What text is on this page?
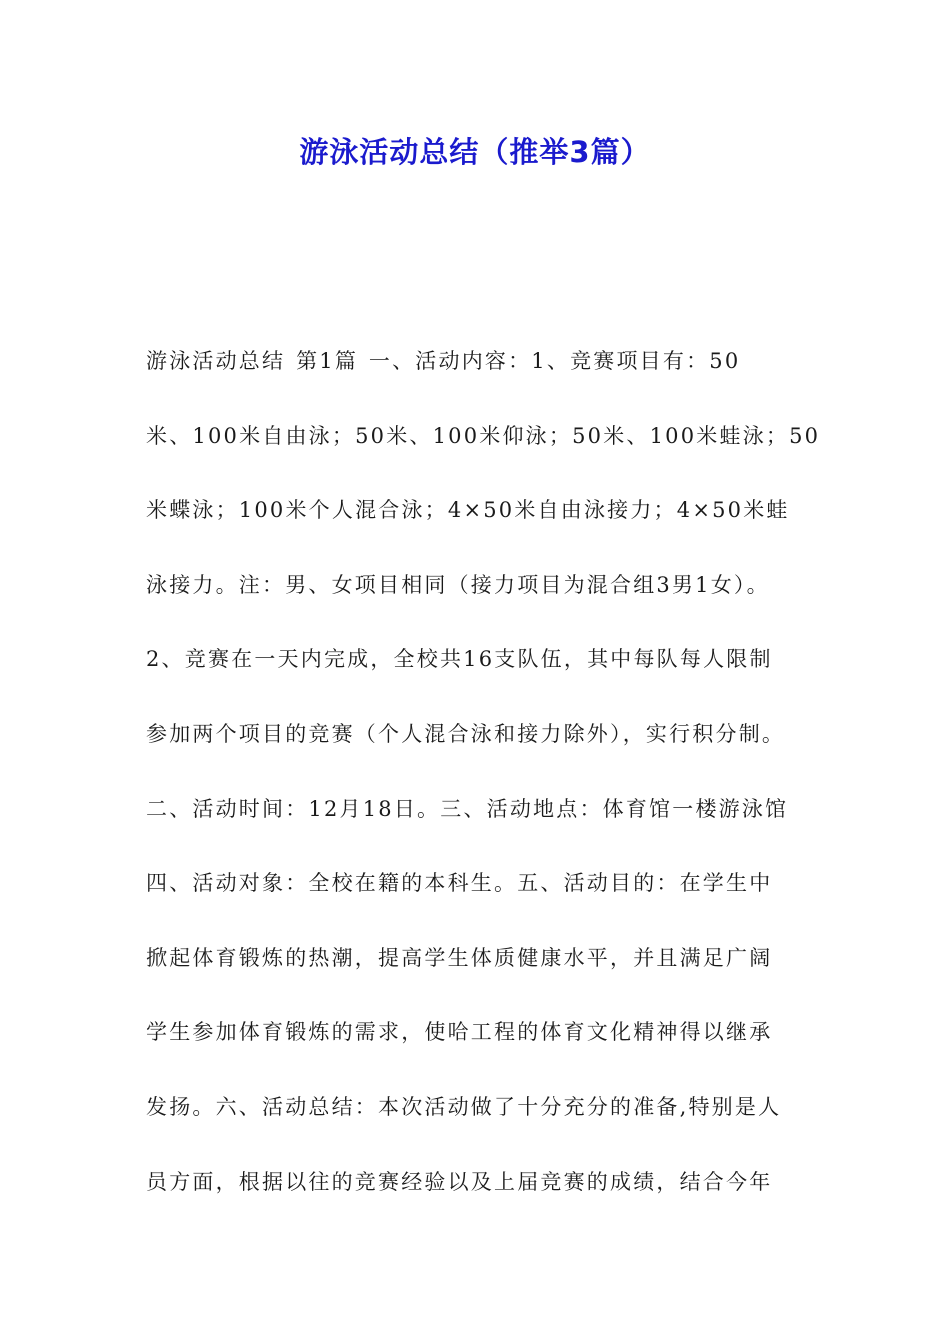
游泳活动总结（推举3篇）
游泳活动总结 第1篇 一、活动内容：1、竞赛项目有：50
米、100米自由泳；50米、100米仰泳；50米、100米蛙泳；50
米蝶泳；100米个人混合泳；4×50米自由泳接力；4×50米蛙
泳接力。注：男、女项目相同（接力项目为混合组3男1女）。
2、竞赛在一天内完成，全校共16支队伍，其中每队每人限制
参加两个项目的竞赛（个人混合泳和接力除外），实行积分制。
二、活动时间：12月18日。三、活动地点：体育馆一楼游泳馆
四、活动对象：全校在籍的本科生。五、活动目的：在学生中
掀起体育锻炼的热潮，提高学生体质健康水平，并且满足广阔
学生参加体育锻炼的需求，使哈工程的体育文化精神得以继承
发扬。六、活动总结：本次活动做了十分充分的准备,特别是人
员方面，根据以往的竞赛经验以及上届竞赛的成绩，结合今年
